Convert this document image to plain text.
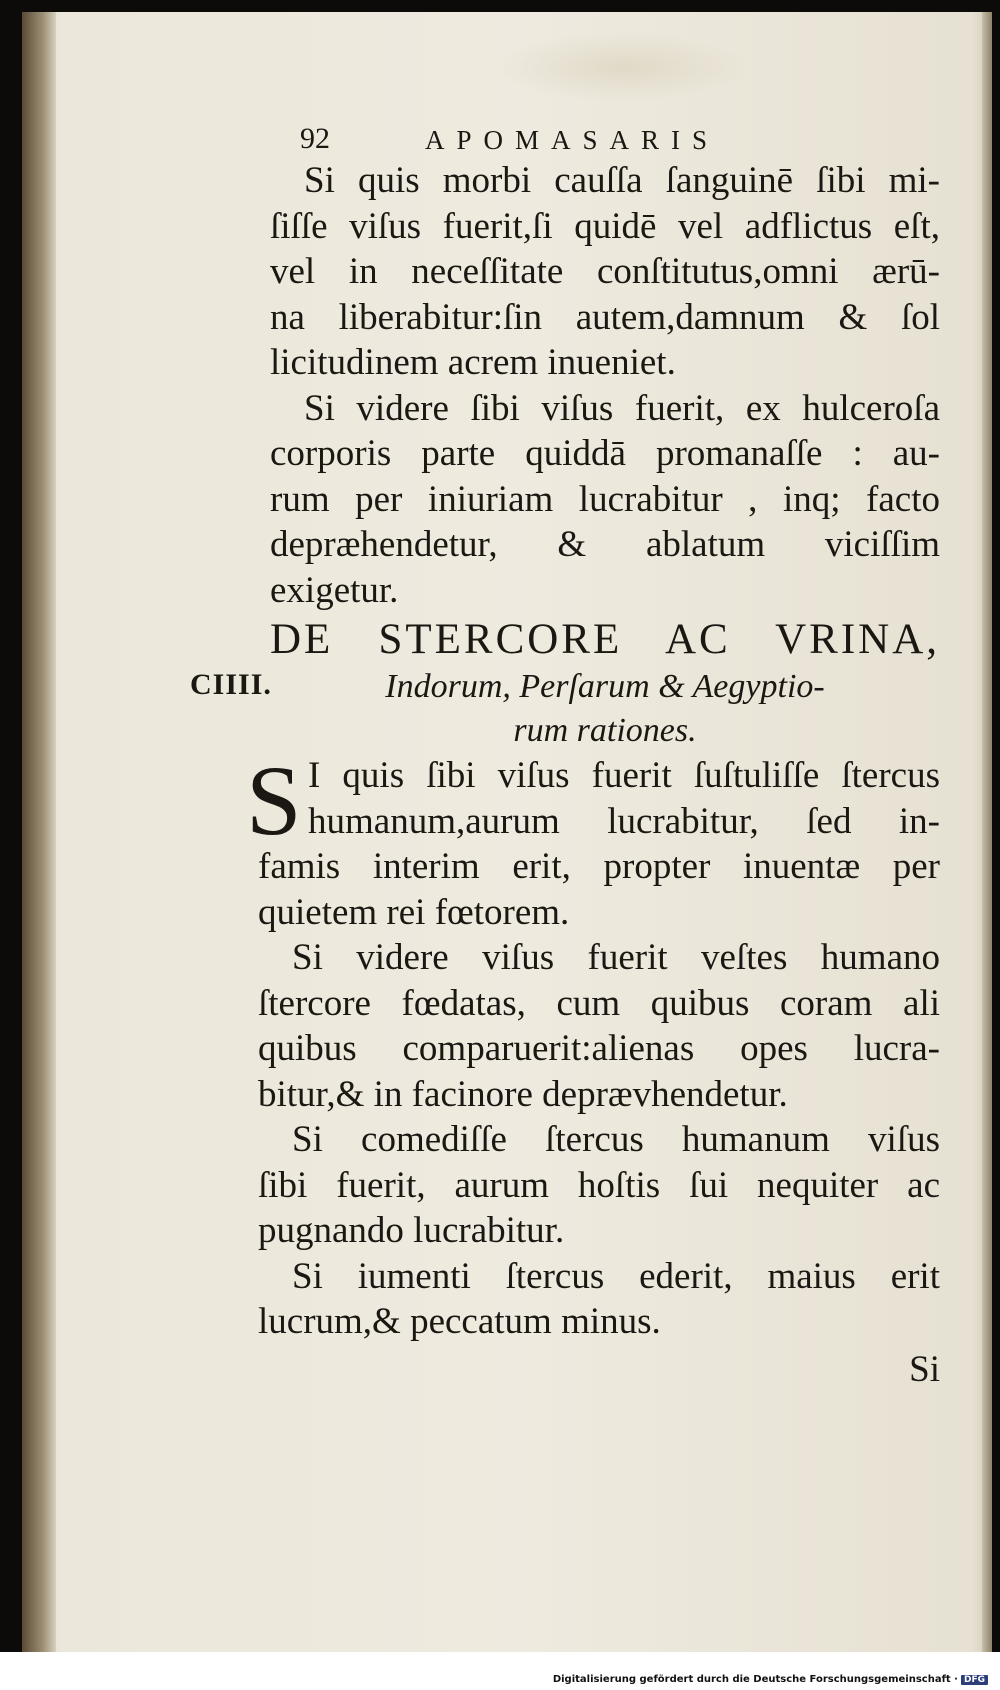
CIIII.
92	APOMASARIS
Si quis morbi cauſſa ſanguinē ſibi mi-
ſiſſe viſus fuerit,ſi quidē vel adflictus eſt,
vel in neceſſitate conſtitutus,omni ærū-
na liberabitur:ſin autem,damnum & ſol
licitudinem acrem inueniet.
Si videre ſibi viſus fuerit, ex hulceroſa
corporis parte quiddā promanaſſe : au-
rum per iniuriam lucrabitur , inq; facto
depræhendetur, & ablatum viciſſim
exigetur.
DE STERCORE AC VRINA,
Indorum, Perſarum & Aegyptio-
rum rationes.
S I quis ſibi viſus fuerit ſuſtuliſſe ſtercus
humanum,aurum lucrabitur, ſed in-
famis interim erit, propter inuentæ per
quietem rei fœtorem.
Si videre viſus fuerit veſtes humano
ſtercore fœdatas, cum quibus coram ali
quibus comparuerit:alienas opes lucra-
bitur,& in facinore deprævhendetur.
Si comediſſe ſtercus humanum viſus
ſibi fuerit, aurum hoſtis ſui nequiter ac
pugnando lucrabitur.
Si iumenti ſtercus ederit, maius erit
lucrum,& peccatum minus.
Si
Digitalisierung gefördert durch die Deutsche Forschungsgemeinschaft · DFG
